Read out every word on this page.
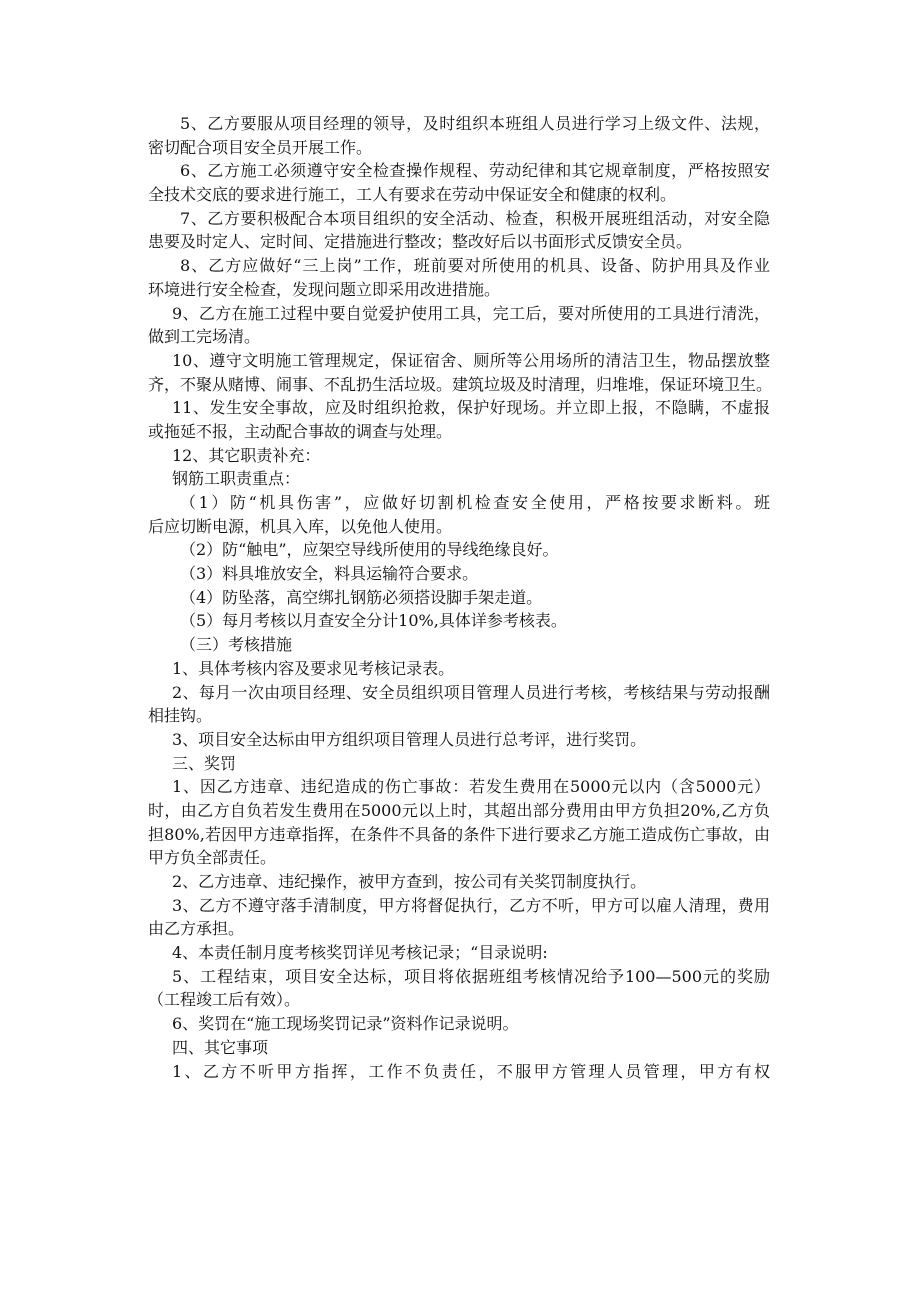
5、乙方要服从项目经理的领导，及时组织本班组人员进行学习上级文件、法规，
密切配合项目安全员开展工作。
6、乙方施工必须遵守安全检查操作规程、劳动纪律和其它规章制度，严格按照安
全技术交底的要求进行施工，工人有要求在劳动中保证安全和健康的权利。
7、乙方要积极配合本项目组织的安全活动、检查，积极开展班组活动，对安全隐
患要及时定人、定时间、定措施进行整改；整改好后以书面形式反馈安全员。
8、乙方应做好“三上岗”工作，班前要对所使用的机具、设备、防护用具及作业
环境进行安全检查，发现问题立即采用改进措施。
9、乙方在施工过程中要自觉爱护使用工具，完工后，要对所使用的工具进行清洗，
做到工完场清。
10、遵守文明施工管理规定，保证宿舍、厕所等公用场所的清洁卫生，物品摆放整
齐，不聚从赌博、闹事、不乱扔生活垃圾。建筑垃圾及时清理，归堆堆，保证环境卫生。
11、发生安全事故，应及时组织抢救，保护好现场。并立即上报，不隐瞒，不虚报
或拖延不报，主动配合事故的调查与处理。
12、其它职责补充：
钢筋工职责重点：
（1）防“机具伤害”，应做好切割机检查安全使用，严格按要求断料。班
后应切断电源，机具入库，以免他人使用。
（2）防“触电”，应架空导线所使用的导线绝缘良好。
（3）料具堆放安全，料具运输符合要求。
（4）防坠落，高空绑扎钢筋必须搭设脚手架走道。
（5）每月考核以月查安全分计10%,具体详参考核表。
（三）考核措施
1、具体考核内容及要求见考核记录表。
2、每月一次由项目经理、安全员组织项目管理人员进行考核，考核结果与劳动报酬
相挂钩。
3、项目安全达标由甲方组织项目管理人员进行总考评，进行奖罚。
三、奖罚
1、因乙方违章、违纪造成的伤亡事故：若发生费用在5000元以内（含5000元）
时，由乙方自负若发生费用在5000元以上时，其超出部分费用由甲方负担20%,乙方负
担80%,若因甲方违章指挥，在条件不具备的条件下进行要求乙方施工造成伤亡事故，由
甲方负全部责任。
2、乙方违章、违纪操作，被甲方查到，按公司有关奖罚制度执行。
3、乙方不遵守落手清制度，甲方将督促执行，乙方不听，甲方可以雇人清理，费用
由乙方承担。
4、本责任制月度考核奖罚详见考核记录；“目录说明:
5、工程结束，项目安全达标，项目将依据班组考核情况给予100—500元的奖励
（工程竣工后有效）。
6、奖罚在“施工现场奖罚记录”资料作记录说明。
四、其它事项
1、乙方不听甲方指挥，工作不负责任，不服甲方管理人员管理，甲方有权
